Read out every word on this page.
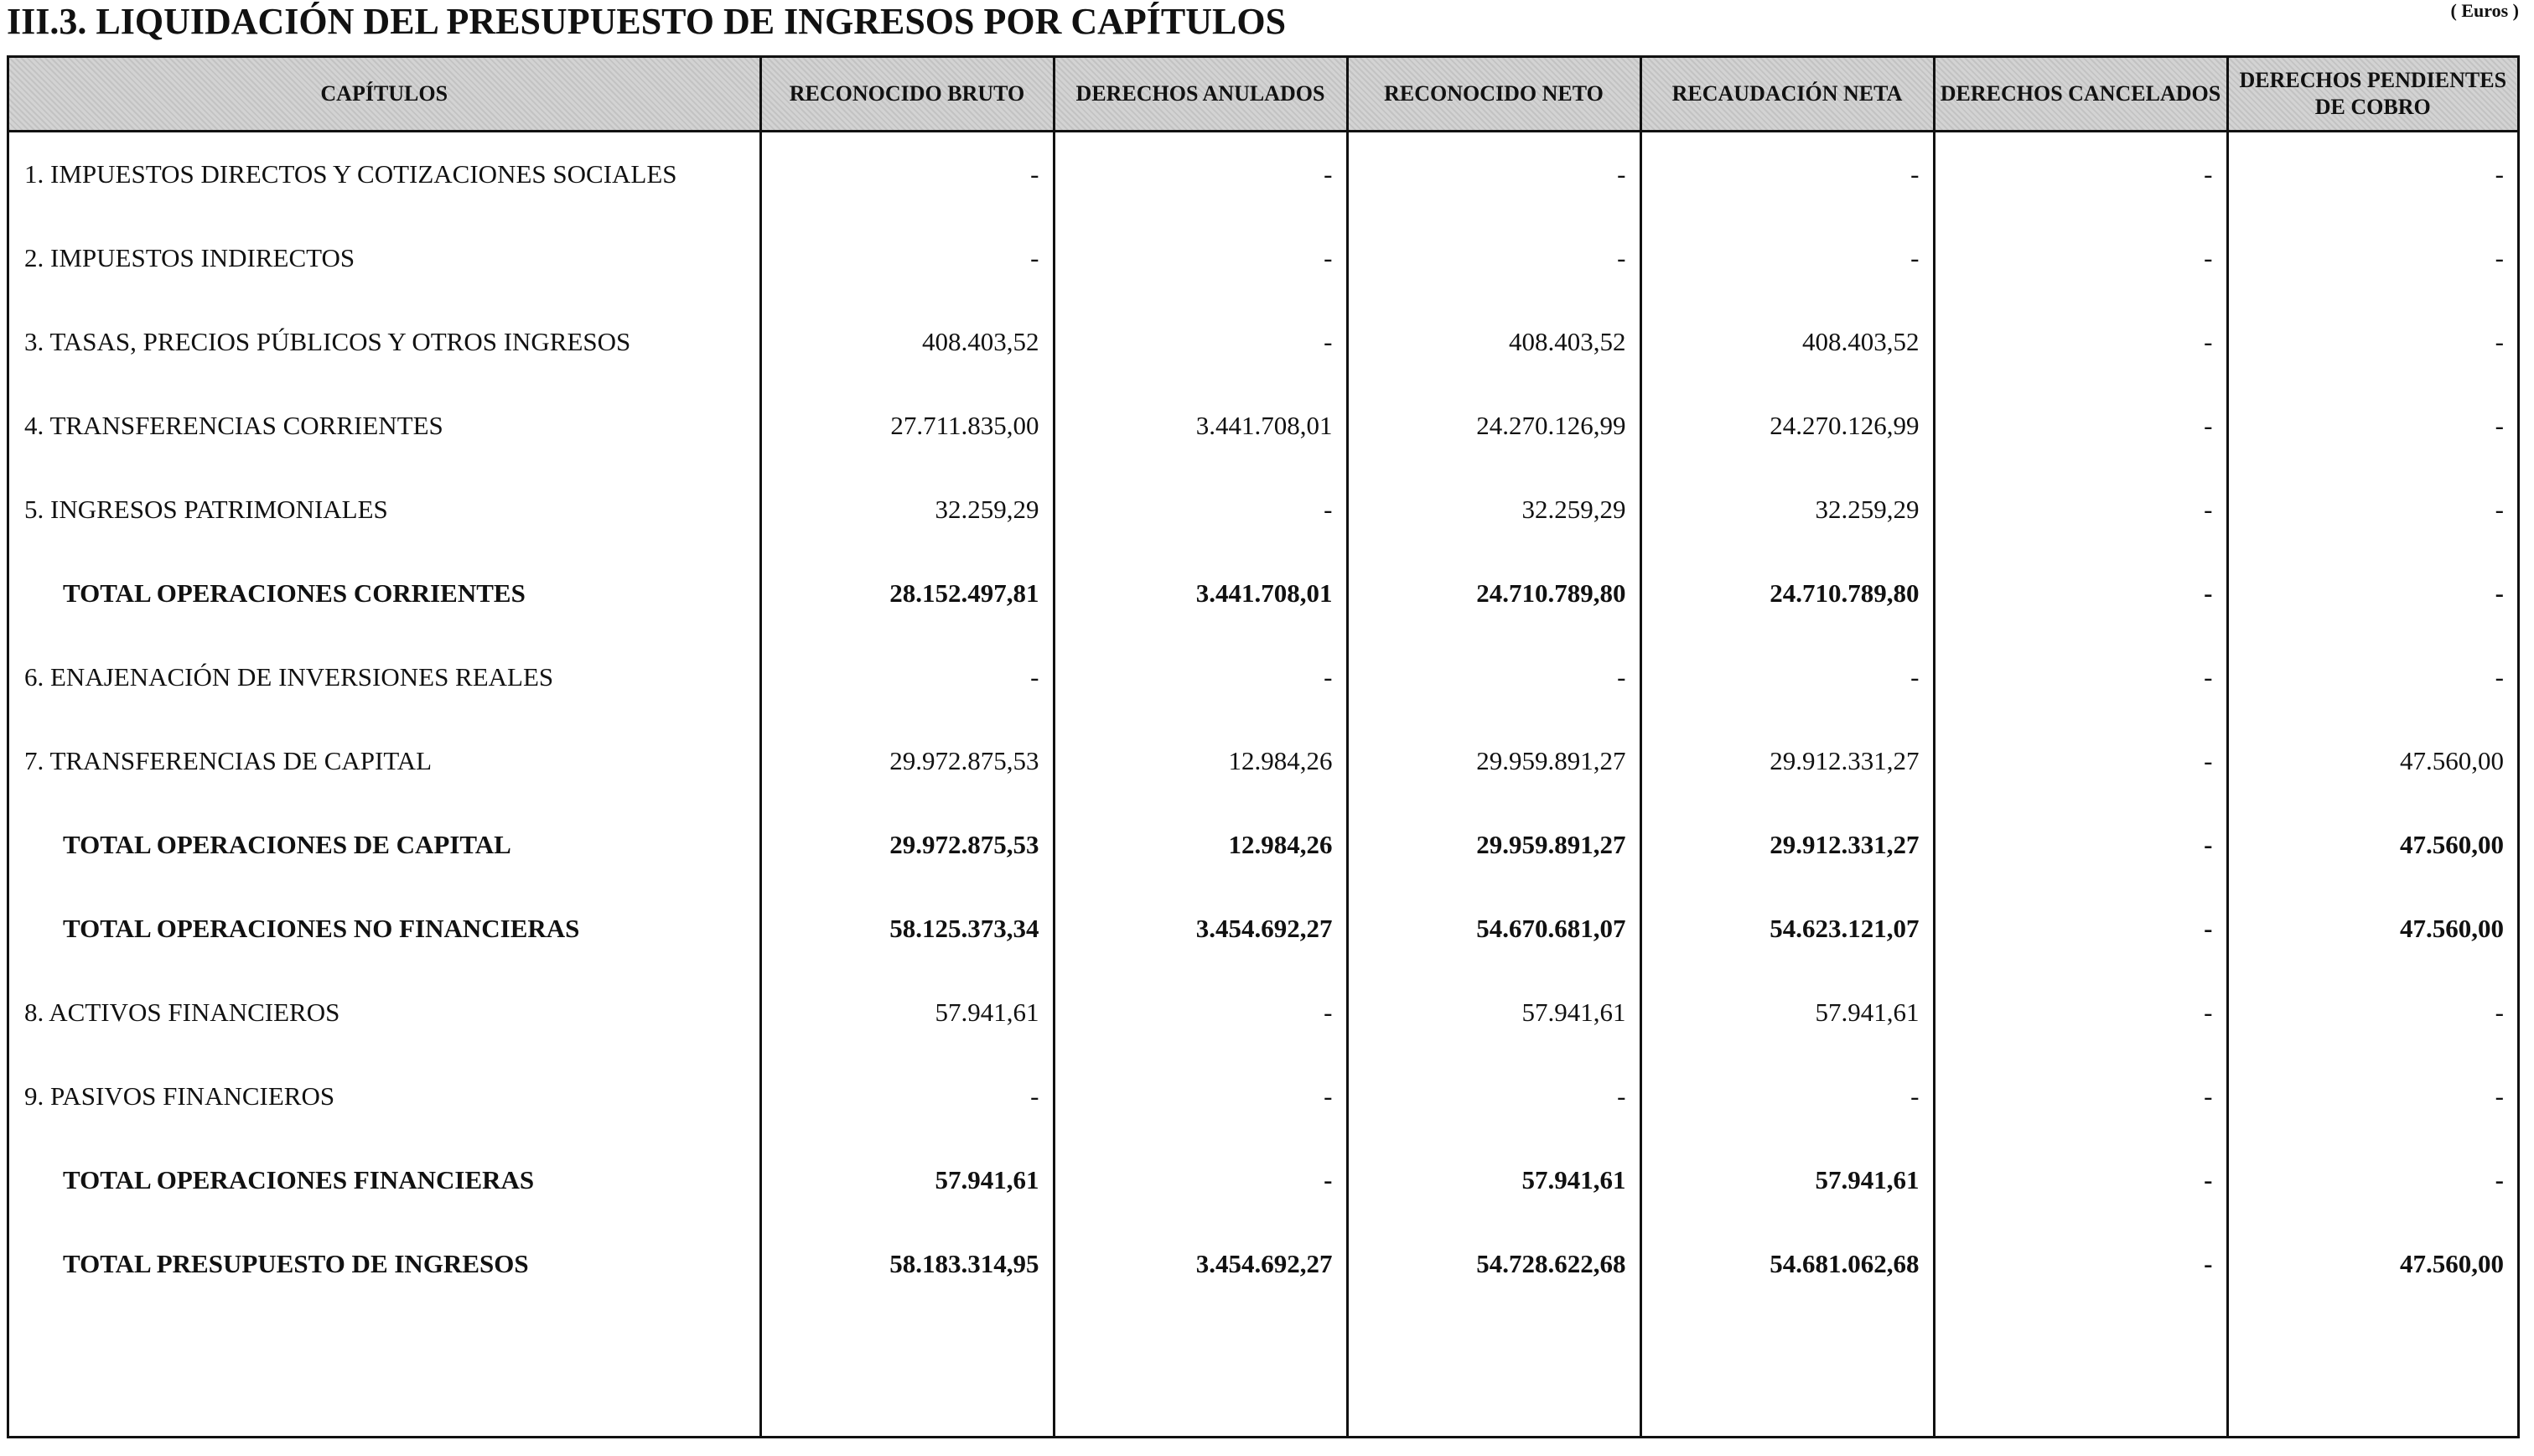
III.3. LIQUIDACIÓN DEL PRESUPUESTO DE INGRESOS POR CAPÍTULOS	( Euros )
CAPÍTULOS	RECONOCIDO BRUTO	DERECHOS ANULADOS	RECONOCIDO NETO	RECAUDACIÓN NETA	DERECHOS CANCELADOS	DERECHOS PENDIENTES DE COBRO
1. IMPUESTOS DIRECTOS Y COTIZACIONES SOCIALES	-	-	-	-	-	-
2. IMPUESTOS INDIRECTOS	-	-	-	-	-	-
3. TASAS, PRECIOS PÚBLICOS Y OTROS INGRESOS	408.403,52	-	408.403,52	408.403,52	-	-
4. TRANSFERENCIAS CORRIENTES	27.711.835,00	3.441.708,01	24.270.126,99	24.270.126,99	-	-
5. INGRESOS PATRIMONIALES	32.259,29	-	32.259,29	32.259,29	-	-
TOTAL OPERACIONES CORRIENTES	28.152.497,81	3.441.708,01	24.710.789,80	24.710.789,80	-	-
6. ENAJENACIÓN DE INVERSIONES REALES	-	-	-	-	-	-
7. TRANSFERENCIAS DE CAPITAL	29.972.875,53	12.984,26	29.959.891,27	29.912.331,27	-	47.560,00
TOTAL OPERACIONES DE CAPITAL	29.972.875,53	12.984,26	29.959.891,27	29.912.331,27	-	47.560,00
TOTAL OPERACIONES NO FINANCIERAS	58.125.373,34	3.454.692,27	54.670.681,07	54.623.121,07	-	47.560,00
8. ACTIVOS FINANCIEROS	57.941,61	-	57.941,61	57.941,61	-	-
9. PASIVOS FINANCIEROS	-	-	-	-	-	-
TOTAL OPERACIONES FINANCIERAS	57.941,61	-	57.941,61	57.941,61	-	-
TOTAL PRESUPUESTO DE INGRESOS	58.183.314,95	3.454.692,27	54.728.622,68	54.681.062,68	-	47.560,00
